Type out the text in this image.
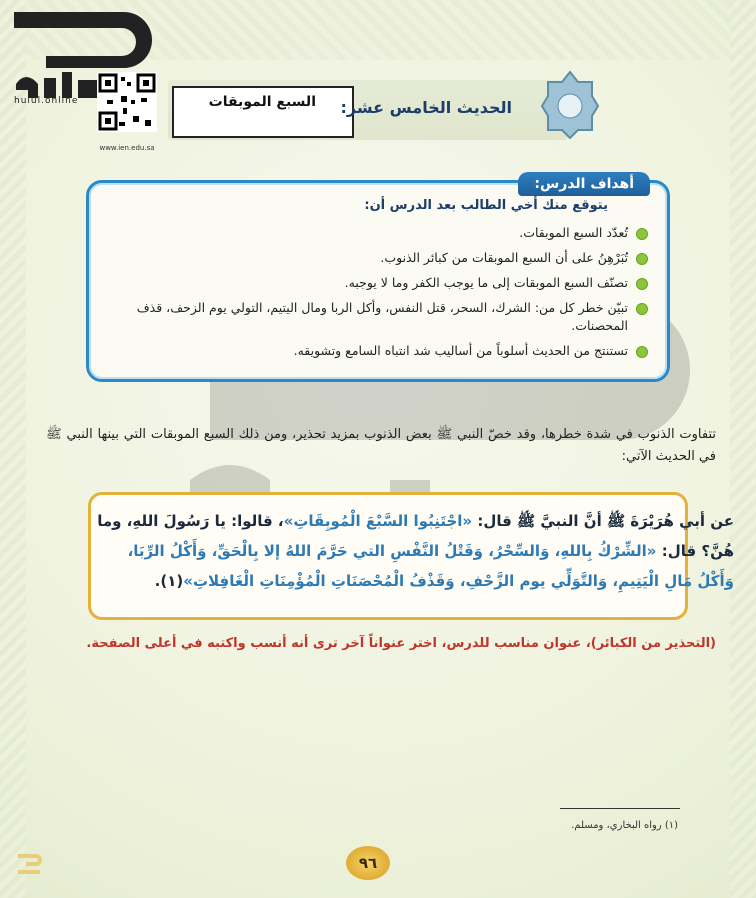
hulul.online
www.ien.edu.sa
السبع الموبقات الحديث الخامس عشر:
أهداف الدرس:
يتوقع منك أخي الطالب بعد الدرس أن:
تُعدّد السبع الموبقات.
تُبَرْهِنُ على أن السبع الموبقات من كبائر الذنوب.
تصنّف السبع الموبقات إلى ما يوجب الكفر وما لا يوجبه.
تبيّن خطر كل من: الشرك، السحر، قتل النفس، وأكل الربا ومال اليتيم، التولي يوم الزحف، قذف المحصنات.
تستنتج من الحديث أسلوباً من أساليب شد انتباه السامع وتشويقه.
تتفاوت الذنوب في شدة خطرها، وقد خصّ النبي ﷺ بعض الذنوب بمزيد تحذير، ومن ذلك السبع الموبقات التي بينها النبي ﷺ في الحديث الآتي:
عن أبي هُرَيْرَةَ ﷺ أنَّ النبيَّ ﷺ قال: «اجْتَنِبُوا السَّبْعَ الْمُوبِقَاتِ»، قالوا: يا رَسُولَ اللهِ، وما هُنَّ؟ قال: «الشِّرْكُ بِاللهِ، وَالسِّحْرُ، وَقَتْلُ النَّفْسِ التي حَرَّمَ اللهُ إلا بِالْحَقِّ، وَأَكْلُ الرِّبَا، وَأَكْلُ مَالِ الْيَتِيمِ، وَالتَّوَلِّي يوم الزَّحْفِ، وَقَذْفُ الْمُحْصَنَاتِ الْمُؤْمِنَاتِ الْغَافِلاتِ»(١).
(التحذير من الكبائر)، عنوان مناسب للدرس، اختر عنواناً آخر ترى أنه أنسب واكتبه في أعلى الصفحة.
(١) رواه البخاري، ومسلم.
٩٦
